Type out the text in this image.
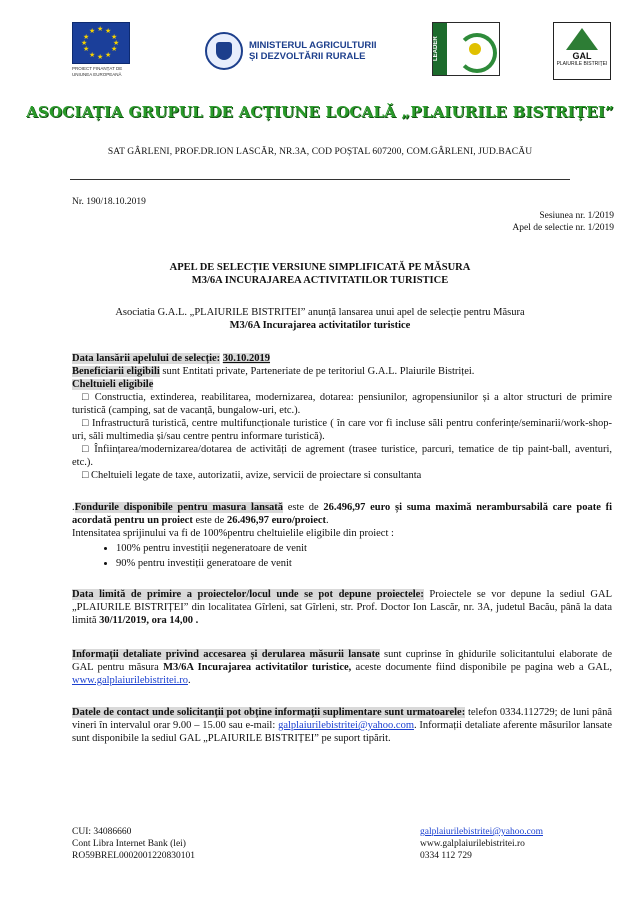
★ ★
★
★
★
★
★
★
★
★
★
★
PROIECT FINANȚAT DE UNIUNEA EUROPEANĂ
MINISTERUL AGRICULTURII
ȘI DEZVOLTĂRII RURALE	LEADER	GAL
PLAIURILE BISTRIȚEI
ASOCIAȚIA GRUPUL DE ACȚIUNE LOCALĂ „PLAIURILE BISTRIȚEI”
SAT GÂRLENI, PROF.DR.ION LASCĂR, NR.3A, COD POȘTAL 607200, COM.GÂRLENI, JUD.BACĂU
Nr. 190/18.10.2019
Sesiunea nr. 1/2019
Apel de selectie nr. 1/2019
APEL DE SELECȚIE VERSIUNE SIMPLIFICATĂ PE MĂSURA
M3/6A INCURAJAREA ACTIVITATILOR TURISTICE
Asociatia G.A.L. „PLAIURILE BISTRITEI” anunță lansarea unui apel de selecție pentru Măsura
M3/6A Incurajarea activitatilor turistice

Data lansării apelului de selecție: 30.10.2019

Beneficiarii eligibili sunt Entitati private, Parteneriate de pe teritoriul G.A.L. Plaiurile Bistriței.

Cheltuieli eligibile

□ Constructia, extinderea, reabilitarea, modernizarea, dotarea: pensiunilor, agropensiunilor și a altor structuri de primire turistică (camping, sat de vacanță, bungalow-uri, etc.).

□ Infrastructură turistică, centre multifuncționale turistice ( în care vor fi incluse săli pentru conferințe/seminarii/work-shop-uri, săli multimedia și/sau centre pentru informare turistică).

□ Înființarea/modernizarea/dotarea de activități de agrement (trasee turistice, parcuri, tematice de tip paint-ball, aventuri, etc.).

□ Cheltuieli legate de taxe, autorizatii, avize, servicii de proiectare si consultanta

.Fondurile disponibile pentru masura lansată este de 26.496,97 euro și suma maximă nerambursabilă care poate fi acordată pentru un proiect este de 26.496,97 euro/proiect.

Intensitatea sprijinului va fi de 100%pentru cheltuielile eligibile din proiect :

• 100% pentru investiții negeneratoare de venit
• 90% pentru investiții generatoare de venit

Data limită de primire a proiectelor/locul unde se pot depune proiectele: Proiectele se vor depune la sediul GAL „PLAIURILE BISTRIȚEI” din localitatea Gîrleni, sat Gîrleni, str. Prof. Doctor Ion Lascăr, nr. 3A, judetul Bacău, până la data limită 30/11/2019, ora 14,00 .

Informații detaliate privind accesarea și derularea măsurii lansate sunt cuprinse în ghidurile solicitantului elaborate de GAL pentru măsura M3/6A Incurajarea activitatilor turistice, aceste documente fiind disponibile pe pagina web a GAL, www.galplaiurilebistritei.ro.

Datele de contact unde solicitanții pot obține informații suplimentare sunt urmatoarele: telefon 0334.112729; de luni până vineri în intervalul orar 9.00 – 15.00 sau e-mail: galplaiurilebistritei@yahoo.com. Informații detaliate aferente măsurilor lansate sunt disponibile la sediul GAL „PLAIURILE BISTRIȚEI” pe suport tipărit.

CUI: 34086660
Cont Libra Internet Bank (lei)
RO59BREL0002001220830101
galplaiurilebistritei@yahoo.com
www.galplaiurilebistritei.ro
0334 112 729
